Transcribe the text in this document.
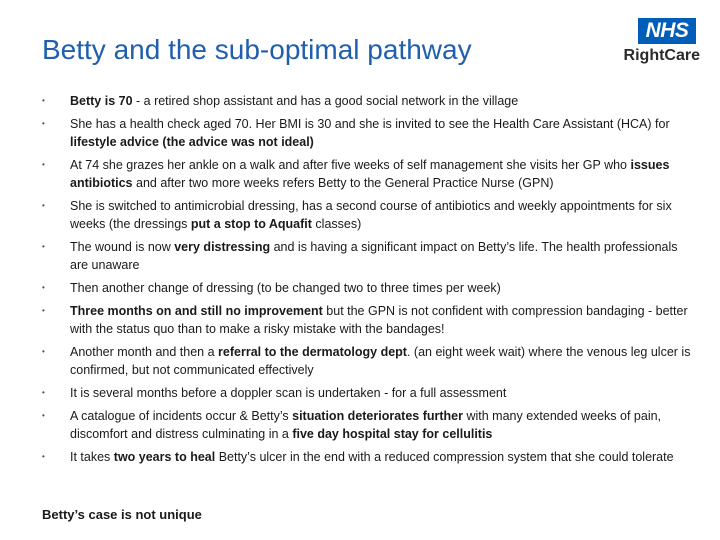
Betty and the sub-optimal pathway
NHS
RightCare
• Betty is 70 - a retired shop assistant and has a good social network in the village
• She has a health check aged 70. Her BMI is 30 and she is invited to see the Health Care Assistant (HCA) for lifestyle advice (the advice was not ideal)
• At 74 she grazes her ankle on a walk and after five weeks of self management she visits her GP who issues antibiotics and after two more weeks refers Betty to the General Practice Nurse (GPN)
• She is switched to antimicrobial dressing, has a second course of antibiotics and weekly appointments for six weeks (the dressings put a stop to Aquafit classes)
• The wound is now very distressing and is having a significant impact on Betty’s life. The health professionals are unaware
• Then another change of dressing (to be changed two to three times per week)
• Three months on and still no improvement but the GPN is not confident with compression bandaging - better with the status quo than to make a risky mistake with the bandages!
• Another month and then a referral to the dermatology dept. (an eight week wait) where the venous leg ulcer is confirmed, but not communicated effectively
• It is several months before a doppler scan is undertaken - for a full assessment
• A catalogue of incidents occur & Betty’s situation deteriorates further with many extended weeks of pain, discomfort and distress culminating in a five day hospital stay for cellulitis
• It takes two years to heal Betty’s ulcer in the end with a reduced compression system that she could tolerate
Betty’s case is not unique
